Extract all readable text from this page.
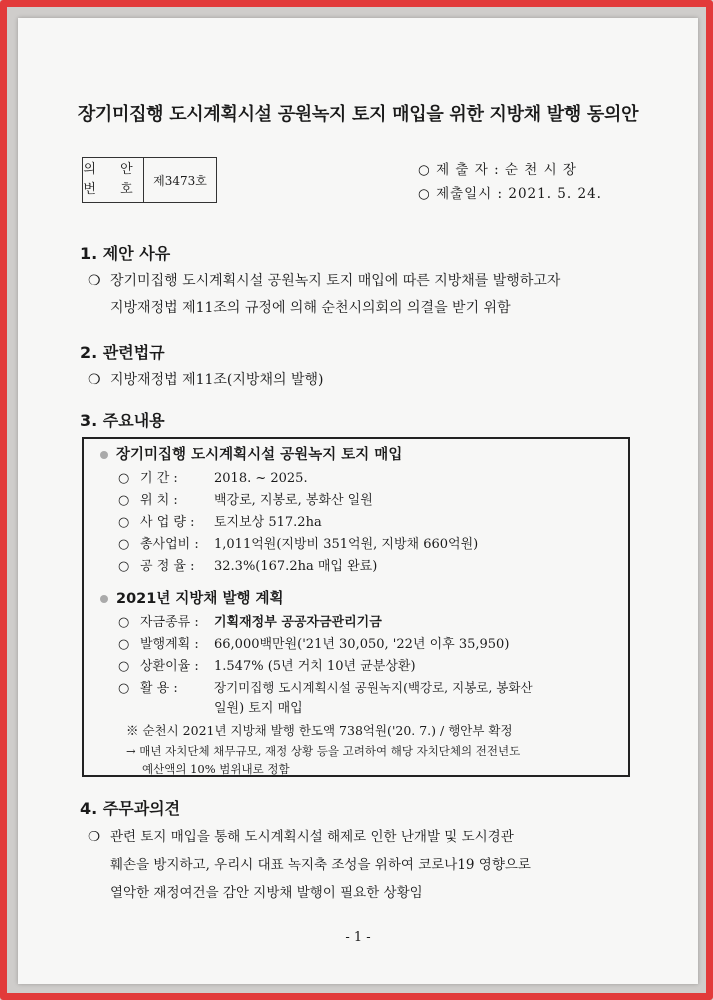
장기미집행 도시계획시설 공원녹지 토지 매입을 위한 지방채 발행 동의안
의 안
번 호
	제3473호
○ 제 출 자 : 순 천 시 장
○ 제출일시 : 2021. 5. 24.
1. 제안 사유
❍ 장기미집행 도시계획시설 공원녹지 토지 매입에 따른 지방채를 발행하고자
지방재정법 제11조의 규정에 의해 순천시의회의 의결을 받기 위함
2. 관련법규
❍ 지방재정법 제11조(지방채의 발행)
3. 주요내용
장기미집행 도시계획시설 공원녹지 토지 매입
○ 기 간 :	2018. ~ 2025.
○ 위 치 :	백강로, 지봉로, 봉화산 일원
○ 사 업 량 : 토지보상 517.2ha
○ 총사업비 : 1,011억원(지방비 351억원, 지방채 660억원)
○ 공 정 율 : 32.3%(167.2ha 매입 완료)
2021년 지방채 발행 계획
○ 자금종류 : 기획재정부 공공자금관리기금
○ 발행계획 : 66,000백만원('21년 30,050, '22년 이후 35,950)
○ 상환이율 : 1.547% (5년 거치 10년 균분상환)
○ 활 용 :	장기미집행 도시계획시설 공원녹지(백강로, 지봉로, 봉화산
일원) 토지 매입
※ 순천시 2021년 지방채 발행 한도액 738억원('20. 7.) / 행안부 확정
→ 매년 자치단체 채무규모, 재정 상황 등을 고려하여 해당 자치단체의 전전년도
예산액의 10% 범위내로 정함
4. 주무과의견
❍ 관련 토지 매입을 통해 도시계획시설 해제로 인한 난개발 및 도시경관
훼손을 방지하고, 우리시 대표 녹지축 조성을 위하여 코로나19 영향으로
열악한 재정여건을 감안 지방채 발행이 필요한 상황임
- 1 -
